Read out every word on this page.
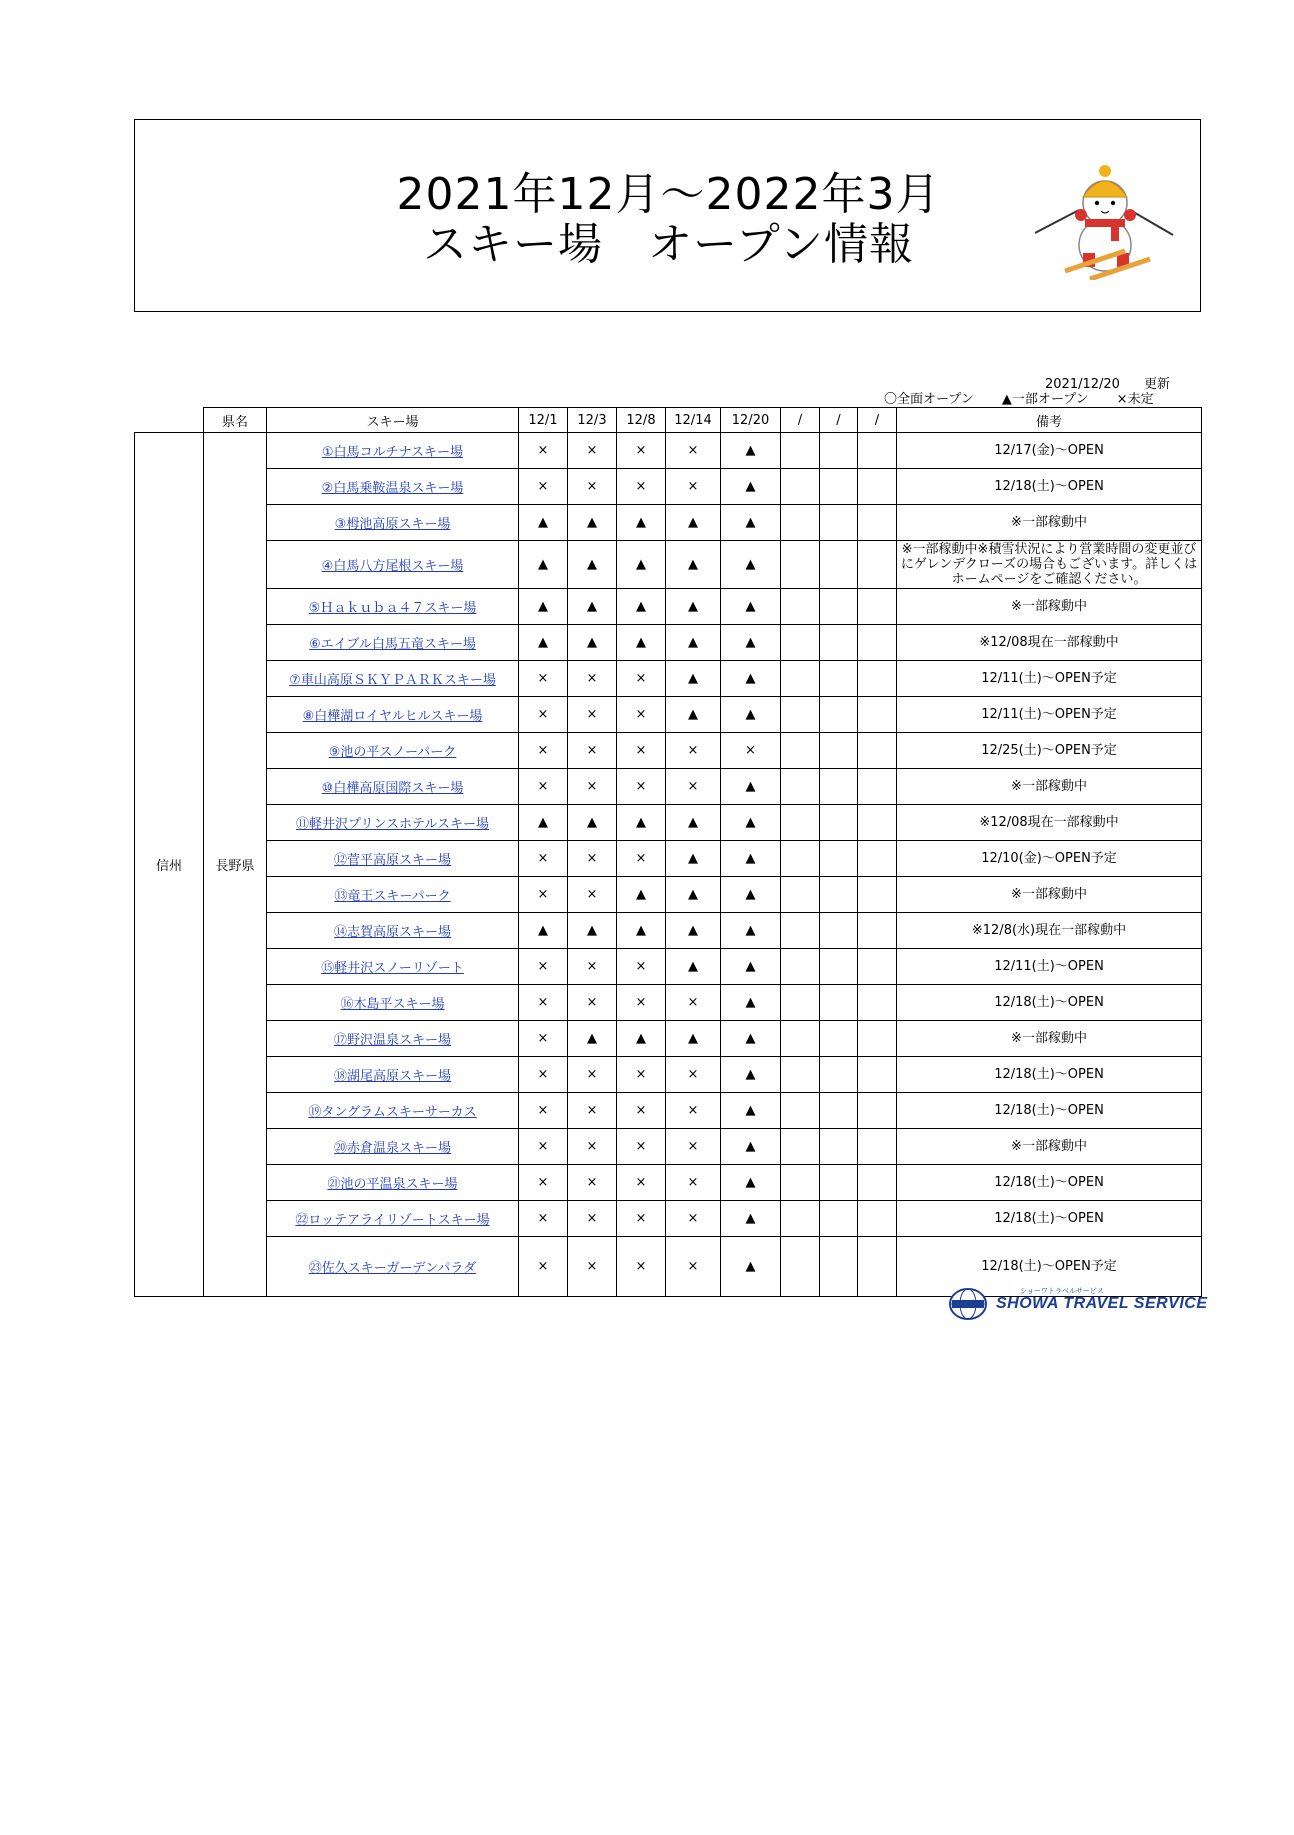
2021年12月～2022年3月
スキー場　オープン情報
2021/12/20 更新
〇全面オープン ▲一部オープン ×未定
	県名	スキー場	12/1	12/3	12/8	12/14	12/20	/	/	/	備考
信州	長野県	①白馬コルチナスキー場	×	×	×	×	▲				12/17(金)～OPEN
		②白馬乗鞍温泉スキー場	×	×	×	×	▲				12/18(土)～OPEN
		③栂池高原スキー場	▲	▲	▲	▲	▲				※一部稼動中
		④白馬八方尾根スキー場	▲	▲	▲	▲	▲				※一部稼動中※積雪状況により営業時間の変更並びにゲレンデクローズの場合もございます。詳しくはホームページをご確認ください。
		⑤Ｈａｋｕｂａ４７スキー場	▲	▲	▲	▲	▲				※一部稼動中
		⑥エイブル白馬五竜スキー場	▲	▲	▲	▲	▲				※12/08現在一部稼動中
		⑦車山高原ＳＫＹＰＡＲＫスキー場	×	×	×	▲	▲				12/11(土)～OPEN予定
		⑧白樺湖ロイヤルヒルスキー場	×	×	×	▲	▲				12/11(土)～OPEN予定
		⑨池の平スノーパーク	×	×	×	×	×				12/25(土)～OPEN予定
		⑩白樺高原国際スキー場	×	×	×	×	▲				※一部稼動中
		⑪軽井沢プリンスホテルスキー場	▲	▲	▲	▲	▲				※12/08現在一部稼動中
		⑫菅平高原スキー場	×	×	×	▲	▲				12/10(金)～OPEN予定
		⑬竜王スキーパーク	×	×	▲	▲	▲				※一部稼動中
		⑭志賀高原スキー場	▲	▲	▲	▲	▲				※12/8(水)現在一部稼動中
		⑮軽井沢スノーリゾート	×	×	×	▲	▲				12/11(土)～OPEN
		⑯木島平スキー場	×	×	×	×	▲				12/18(土)～OPEN
		⑰野沢温泉スキー場	×	▲	▲	▲	▲				※一部稼動中
		⑱湖尾高原スキー場	×	×	×	×	▲				12/18(土)～OPEN
		⑲タングラムスキーサーカス	×	×	×	×	▲				12/18(土)～OPEN
		⑳赤倉温泉スキー場	×	×	×	×	▲				※一部稼動中
		㉑池の平温泉スキー場	×	×	×	×	▲				12/18(土)～OPEN
		㉒ロッテアライリゾートスキー場	×	×	×	×	▲				12/18(土)～OPEN
		㉓佐久スキーガーデンパラダ	×	×	×	×	▲				12/18(土)～OPEN予定
ショーワトラベルサービス
SHOWA TRAVEL SERVICE
